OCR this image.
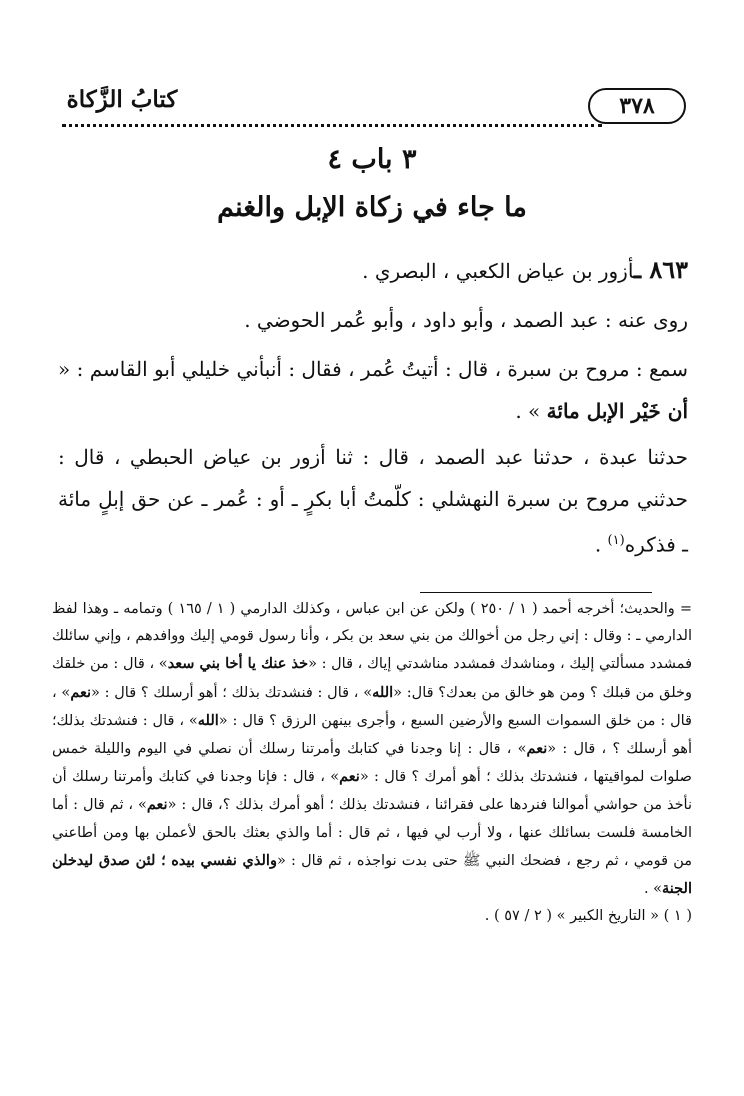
٣٧٨
كتابُ الزَّكاة
٣ باب ٤
ما جاء في زكاة الإبل والغنم
٨٦٣ ـأزور بن عياض الكعبي ، البصري .
روى عنه : عبد الصمد ، وأبو داود ، وأبو عُمر الحوضي .
سمع : مروح بن سبرة ، قال : أتيتُ عُمر ، فقال : أنبأني خليلي أبو القاسم : « أن خَيْر الإبل مائة » .
حدثنا عبدة ، حدثنا عبد الصمد ، قال : ثنا أزور بن عياض الحبطي ، قال : حدثني مروح بن سبرة النهشلي : كلّمتُ أبا بكرٍ ـ أو : عُمر ـ عن حق إبلٍ مائة ـ فذكره$^{(١)}$ .
= والحديث؛ أخرجه أحمد ( ١ / ٢٥٠ ) ولكن عن ابن عباس ، وكذلك الدارمي ( ١ / ١٦٥ ) وتمامه ـ وهذا لفظ الدارمي ـ : وقال : إني رجل من أخوالك من بني سعد بن بكر ، وأنا رسول قومي إليك ووافدهم ، وإني سائلك فمشدد مسألتي إليك ، ومناشدك فمشدد مناشدتي إياك ، قال : «خذ عنك يا أخا بني سعد» ، قال : من خلقك وخلق من قبلك ؟ ومن هو خالق من بعدك؟ قال: «الله» ، قال : فنشدتك بذلك ؛ أهو أرسلك ؟ قال : «نعم» ، قال : من خلق السموات السبع والأرضين السبع ، وأجرى بينهن الرزق ؟ قال : «الله» ، قال : فنشدتك بذلك؛ أهو أرسلك ؟ ، قال : «نعم» ، قال : إنا وجدنا في كتابك وأمرتنا رسلك أن نصلي في اليوم والليلة خمس صلوات لمواقيتها ، فنشدتك بذلك ؛ أهو أمرك ؟ قال : «نعم» ، قال : فإنا وجدنا في كتابك وأمرتنا رسلك أن نأخذ من حواشي أموالنا فنردها على فقرائنا ، فنشدتك بذلك ؛ أهو أمرك بذلك ؟، قال : «نعم» ، ثم قال : أما الخامسة فلست بسائلك عنها ، ولا أرب لي فيها ، ثم قال : أما والذي بعثك بالحق لأعملن بها ومن أطاعني من قومي ، ثم رجع ، فضحك النبي ﷺ حتى بدت نواجذه ، ثم قال : «والذي نفسي بيده ؛ لئن صدق ليدخلن الجنة» .
( ١ ) « التاريخ الكبير » ( ٢ / ٥٧ ) .
